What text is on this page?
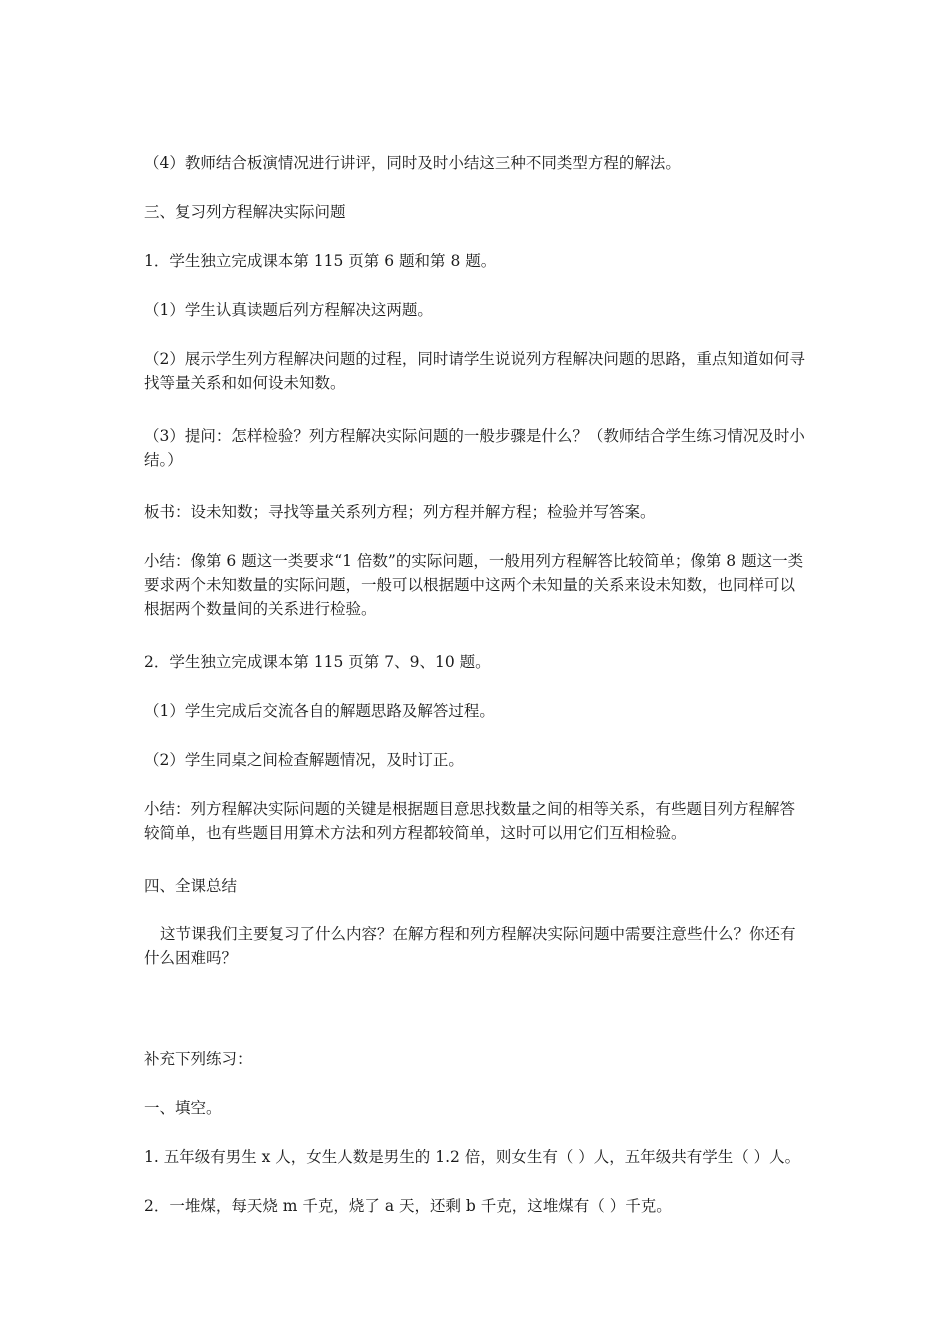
（4）教师结合板演情况进行讲评，同时及时小结这三种不同类型方程的解法。

三、复习列方程解决实际问题

1．学生独立完成课本第 115 页第 6 题和第 8 题。

（1）学生认真读题后列方程解决这两题。

（2）展示学生列方程解决问题的过程，同时请学生说说列方程解决问题的思路，重点知道如何寻找等量关系和如何设未知数。

（3）提问：怎样检验？列方程解决实际问题的一般步骤是什么？（教师结合学生练习情况及时小结。）

板书：设未知数；寻找等量关系列方程；列方程并解方程；检验并写答案。

小结：像第 6 题这一类要求“1 倍数”的实际问题，一般用列方程解答比较简单；像第 8 题这一类要求两个未知数量的实际问题，一般可以根据题中这两个未知量的关系来设未知数，也同样可以根据两个数量间的关系进行检验。

2．学生独立完成课本第 115 页第 7、9、10 题。

（1）学生完成后交流各自的解题思路及解答过程。

（2）学生同桌之间检查解题情况，及时订正。

小结：列方程解决实际问题的关键是根据题目意思找数量之间的相等关系，有些题目列方程解答较简单，也有些题目用算术方法和列方程都较简单，这时可以用它们互相检验。

四、全课总结

这节课我们主要复习了什么内容？在解方程和列方程解决实际问题中需要注意些什么？你还有什么困难吗？

补充下列练习：

一、填空。

1. 五年级有男生 x 人，女生人数是男生的 1.2 倍，则女生有（ ）人，五年级共有学生（ ）人。

2．一堆煤，每天烧 m 千克，烧了 a 天，还剩 b 千克，这堆煤有（ ）千克。
